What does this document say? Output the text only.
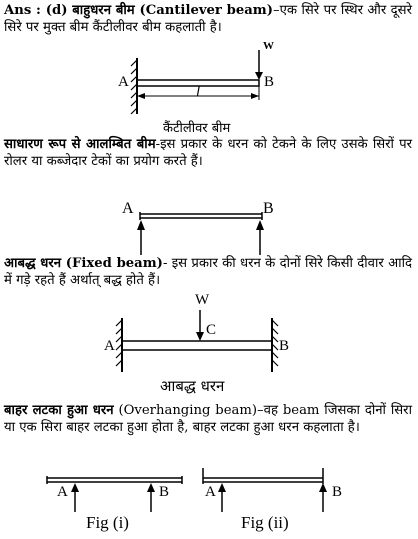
Ans : (d) बाहुधरन बीम (Cantilever beam)–एक सिरे पर स्थिर और दूसरे सिरे पर मुक्त बीम कैंटीलीवर बीम कहलाती है।
A	B
W
l
कैंटीलीवर बीम
साधारण रूप से आलम्बित बीम-इस प्रकार के धरन को टेकने के लिए उसके सिरों पर रोलर या कब्जेदार टेकों का प्रयोग करते हैं।
A	B
आबद्ध धरन (Fixed beam)- इस प्रकार की धरन के दोनों सिरे किसी दीवार आदि में गड़े रहते हैं अर्थात् बद्ध होते हैं।
W
C
A	B
आबद्ध धरन
बाहर लटका हुआ धरन (Overhanging beam)–वह beam जिसका दोनों सिरा या एक सिरा बाहर लटका हुआ होता है, बाहर लटका हुआ धरन कहलाता है।
A	B
Fig (i)
A	B
Fig (ii)
